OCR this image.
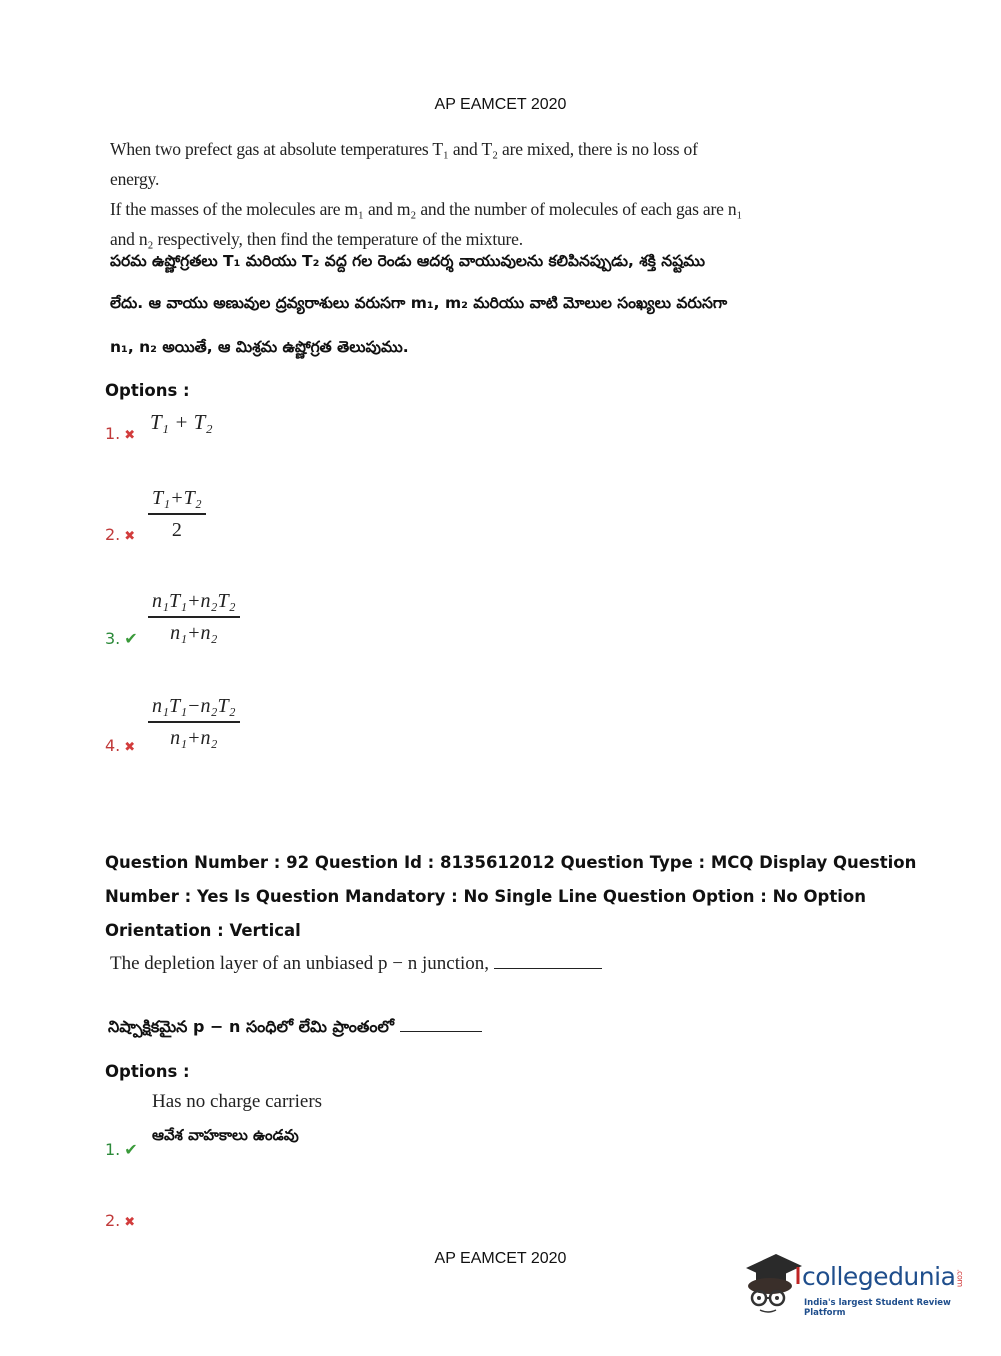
AP EAMCET 2020
When two prefect gas at absolute temperatures T₁ and T₂ are mixed, there is no loss of energy.
If the masses of the molecules are m₁ and m₂ and the number of molecules of each gas are n₁
and n₂ respectively, then find the temperature of the mixture.
పరమ ఉష్ణోగ్రతలు T₁ మరియు T₂ వద్ద గల రెండు ఆదర్శ వాయువులను కలిపినప్పుడు, శక్తి నష్టము
లేదు. ఆ వాయు అణువుల ద్రవ్యరాశులు వరుసగా m₁, m₂ మరియు వాటి మోలుల సంఖ్యలు వరుసగా
n₁, n₂ అయితే, ఆ మిశ్రమ ఉష్ణోగ్రత తెలుపుము.
Options :
1. ✖
T₁ + T₂
$\frac{\text{T₁+T₂}}{2}$
2. ✖
$\frac{\text{n₁T₁+n₂T₂}}{\text{n₁+n₂}}$
3. ✔
$\frac{\text{n₁T₁−n₂T₂}}{\text{n₁+n₂}}$
4. ✖
Question Number : 92 Question Id : 8135612012 Question Type : MCQ Display Question
Number : Yes Is Question Mandatory : No Single Line Question Option : No Option
Orientation : Vertical
The depletion layer of an unbiased p − n junction,
నిష్పాక్షికమైన p − n సంధిలో లేమి ప్రాంతంలో
Options :
Has no charge carriers
ఆవేశ వాహకాలు ఉండవు
1. ✔
2. ✖
AP EAMCET 2020
collegedunia.com
India's largest Student Review Platform
